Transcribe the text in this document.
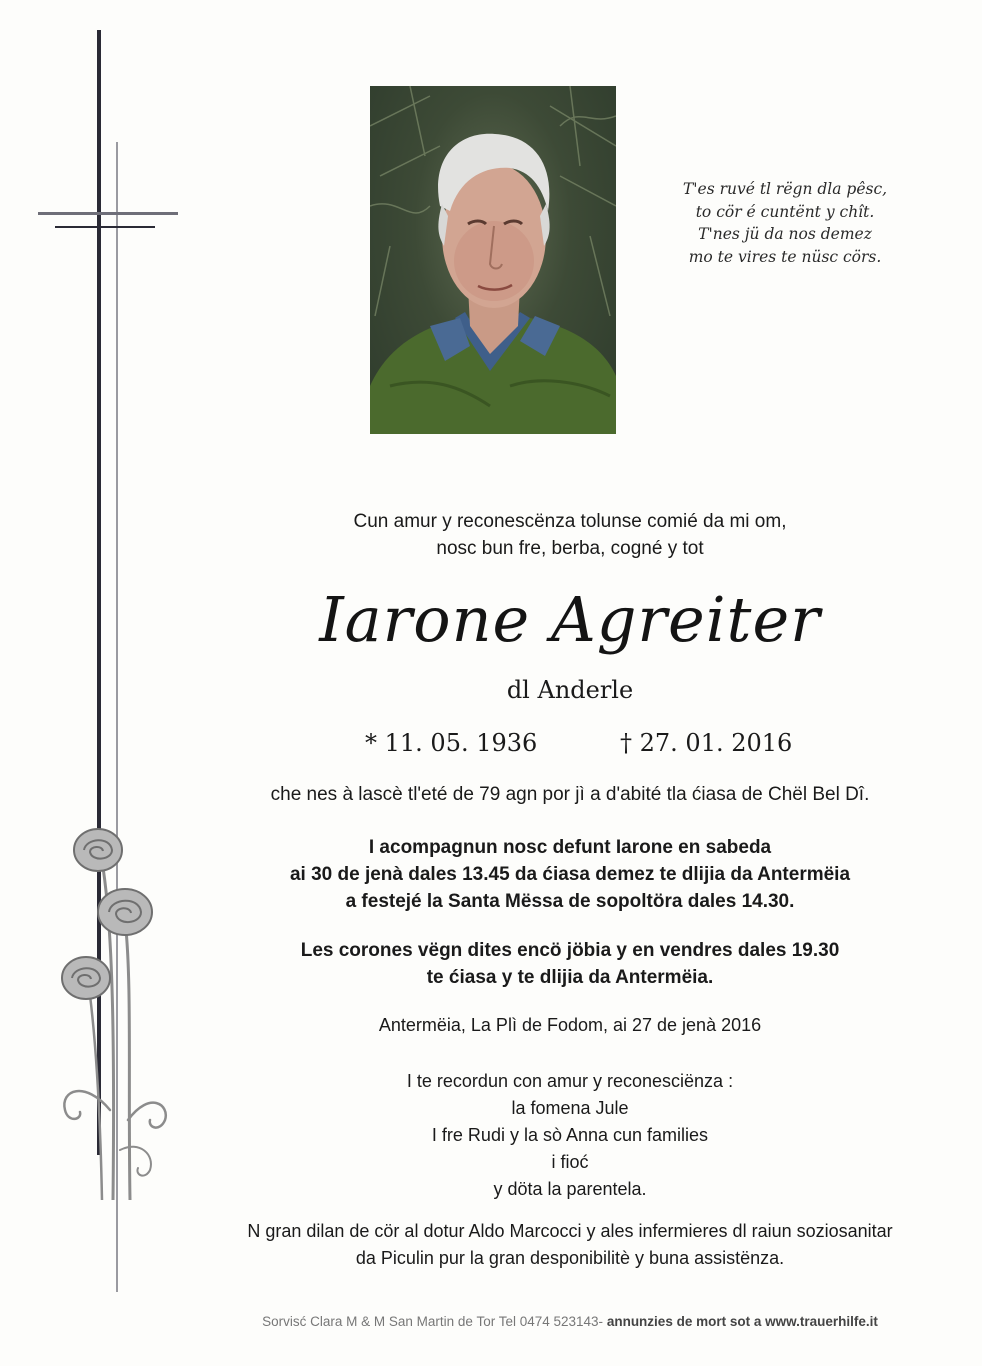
T'es ruvé tl rëgn dla pêsc,
to cör é cuntënt y chît.
T'nes jü da nos demez
mo te vires te nüsc cörs.
Cun amur y reconescënza tolunse comié da mi om,
nosc bun fre, berba, cogné y tot
Iarone Agreiter
dl Anderle
* 11. 05. 1936	† 27. 01. 2016
che nes à lascè tl'eté de 79 agn por jì a d'abité tla ćiasa de Chël Bel Dî.
I acompagnun nosc defunt Iarone en sabeda
ai 30 de jenà dales 13.45 da ćiasa demez te dlijia da Antermëia
a festejé la Santa Mëssa de sopoltöra dales 14.30.
Les corones vëgn dites encö jöbia y en vendres dales 19.30
te ćiasa y te dlijia da Antermëia.
Antermëia, La Plì de Fodom, ai 27 de jenà 2016
I te recordun con amur y reconesciënza :
la fomena Jule
I fre Rudi y la sò Anna cun families
i fioć
y döta la parentela.
N gran dilan de cör al dotur Aldo Marcocci y ales infermieres dl raiun soziosanitar
da Piculin pur la gran desponibilitè y buna assistënza.
Sorvisć Clara M & M San Martin de Tor Tel 0474 523143- annunzies de mort sot a www.trauerhilfe.it
